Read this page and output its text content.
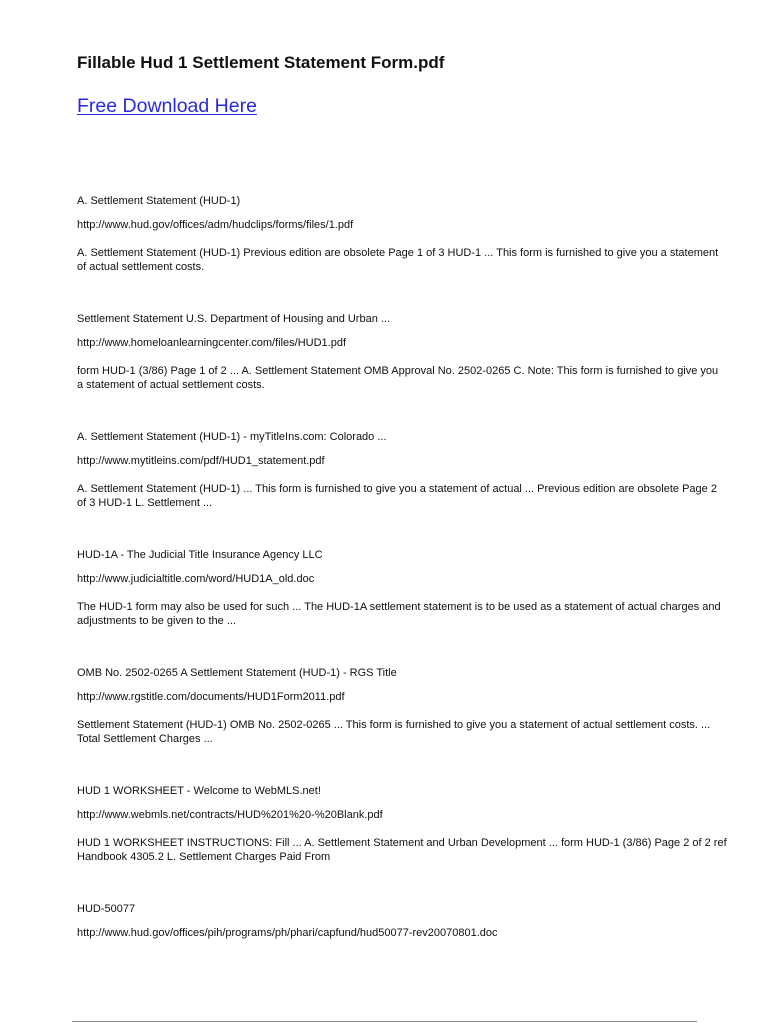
Fillable Hud 1 Settlement Statement Form.pdf
Free Download Here

A. Settlement Statement (HUD-1)

http://www.hud.gov/offices/adm/hudclips/forms/files/1.pdf

A. Settlement Statement (HUD-1) Previous edition are obsolete Page 1 of 3 HUD-1 ... This form is furnished to give you a statement of actual settlement costs.

Settlement Statement U.S. Department of Housing and Urban ...

http://www.homeloanlearningcenter.com/files/HUD1.pdf

form HUD-1 (3/86) Page 1 of 2 ... A. Settlement Statement OMB Approval No. 2502-0265 C. Note: This form is furnished to give you a statement of actual settlement costs.

A. Settlement Statement (HUD-1) - myTitleIns.com: Colorado ...

http://www.mytitleins.com/pdf/HUD1_statement.pdf

A. Settlement Statement (HUD-1) ... This form is furnished to give you a statement of actual ... Previous edition are obsolete Page 2 of 3 HUD-1 L. Settlement ...

HUD-1A - The Judicial Title Insurance Agency LLC

http://www.judicialtitle.com/word/HUD1A_old.doc

The HUD-1 form may also be used for such ... The HUD-1A settlement statement is to be used as a statement of actual charges and adjustments to be given to the ...

OMB No. 2502-0265 A Settlement Statement (HUD-1) - RGS Title

http://www.rgstitle.com/documents/HUD1Form2011.pdf

Settlement Statement (HUD-1) OMB No. 2502-0265 ... This form is furnished to give you a statement of actual settlement costs. ... Total Settlement Charges ...

HUD 1 WORKSHEET - Welcome to WebMLS.net!

http://www.webmls.net/contracts/HUD%201%20-%20Blank.pdf

HUD 1 WORKSHEET INSTRUCTIONS: Fill ... A. Settlement Statement and Urban Development ... form HUD-1 (3/86) Page 2 of 2 ref Handbook 4305.2 L. Settlement Charges Paid From

HUD-50077

http://www.hud.gov/offices/pih/programs/ph/phari/capfund/hud50077-rev20070801.doc
